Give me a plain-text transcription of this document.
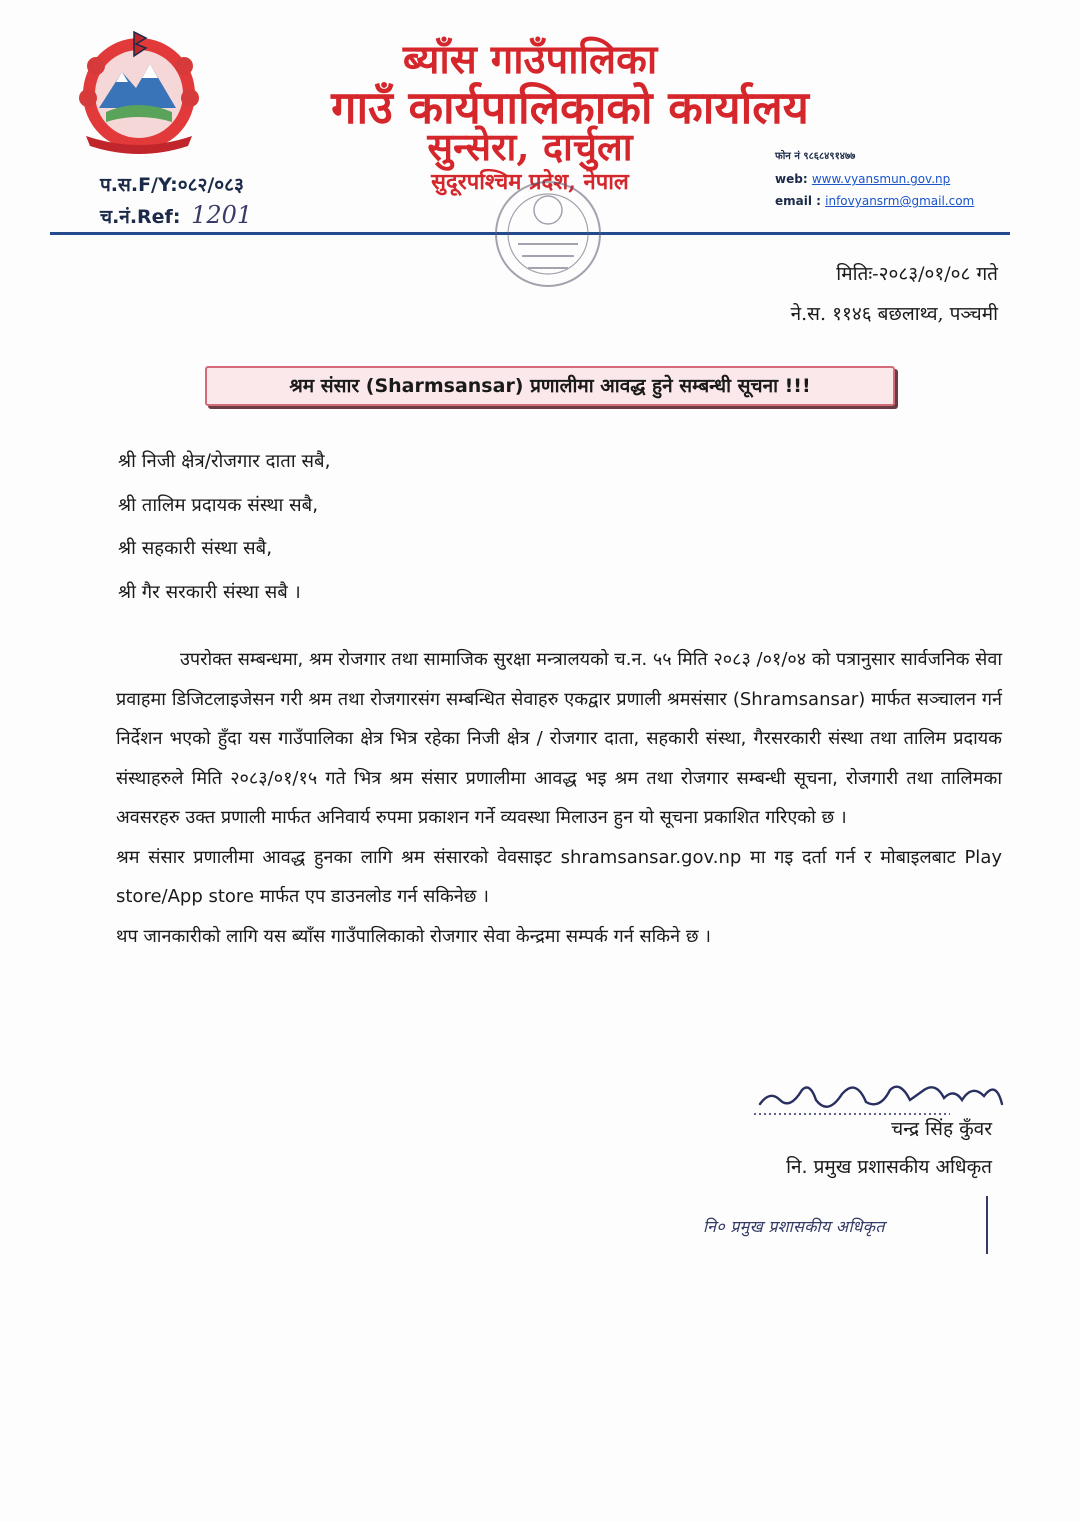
ब्याँस गाउँपालिका
गाउँ कार्यपालिकाको कार्यालय
सुन्सेरा, दार्चुला
सुदूरपश्चिम प्रदेश, नेपाल
प.स.F/Y:०८२/०८३
च.नं.Ref: 1201
फोन नं ९८६८४९१४७७
web: www.vyansmun.gov.np
email : infovyansrm@gmail.com
मितिः-२०८३/०१/०८ गते
ने.स. ११४६ बछलाथ्व, पञ्चमी
श्रम संसार (Sharmsansar) प्रणालीमा आवद्ध हुने सम्बन्धी सूचना !!!
श्री निजी क्षेत्र/रोजगार दाता सबै,
श्री तालिम प्रदायक संस्था सबै,
श्री सहकारी संस्था सबै,
श्री गैर सरकारी संस्था सबै ।

उपरोक्त सम्बन्धमा, श्रम रोजगार तथा सामाजिक सुरक्षा मन्त्रालयको च.न. ५५ मिति २०८३ /०१/०४ को पत्रानुसार सार्वजनिक सेवा प्रवाहमा डिजिटलाइजेसन गरी श्रम तथा रोजगारसंग सम्बन्धित सेवाहरु एकद्वार प्रणाली श्रमसंसार (Shramsansar) मार्फत सञ्चालन गर्न निर्देशन भएको हुँदा यस गाउँपालिका क्षेत्र भित्र रहेका निजी क्षेत्र / रोजगार दाता, सहकारी संस्था, गैरसरकारी संस्था तथा तालिम प्रदायक संस्थाहरुले मिति २०८३/०१/१५ गते भित्र श्रम संसार प्रणालीमा आवद्ध भइ श्रम तथा रोजगार सम्बन्धी सूचना, रोजगारी तथा तालिमका अवसरहरु उक्त प्रणाली मार्फत अनिवार्य रुपमा प्रकाशन गर्ने व्यवस्था मिलाउन हुन यो सूचना प्रकाशित गरिएको छ ।

श्रम संसार प्रणालीमा आवद्ध हुनका लागि श्रम संसारको वेवसाइट shramsansar.gov.np मा गइ दर्ता गर्न र मोबाइलबाट Play store/App store मार्फत एप डाउनलोड गर्न सकिनेछ ।

थप जानकारीको लागि यस ब्याँस गाउँपालिकाको रोजगार सेवा केन्द्रमा सम्पर्क गर्न सकिने छ ।

चन्द्र सिंह कुँवर
नि. प्रमुख प्रशासकीय अधिकृत
नि० प्रमुख प्रशासकीय अधिकृत
